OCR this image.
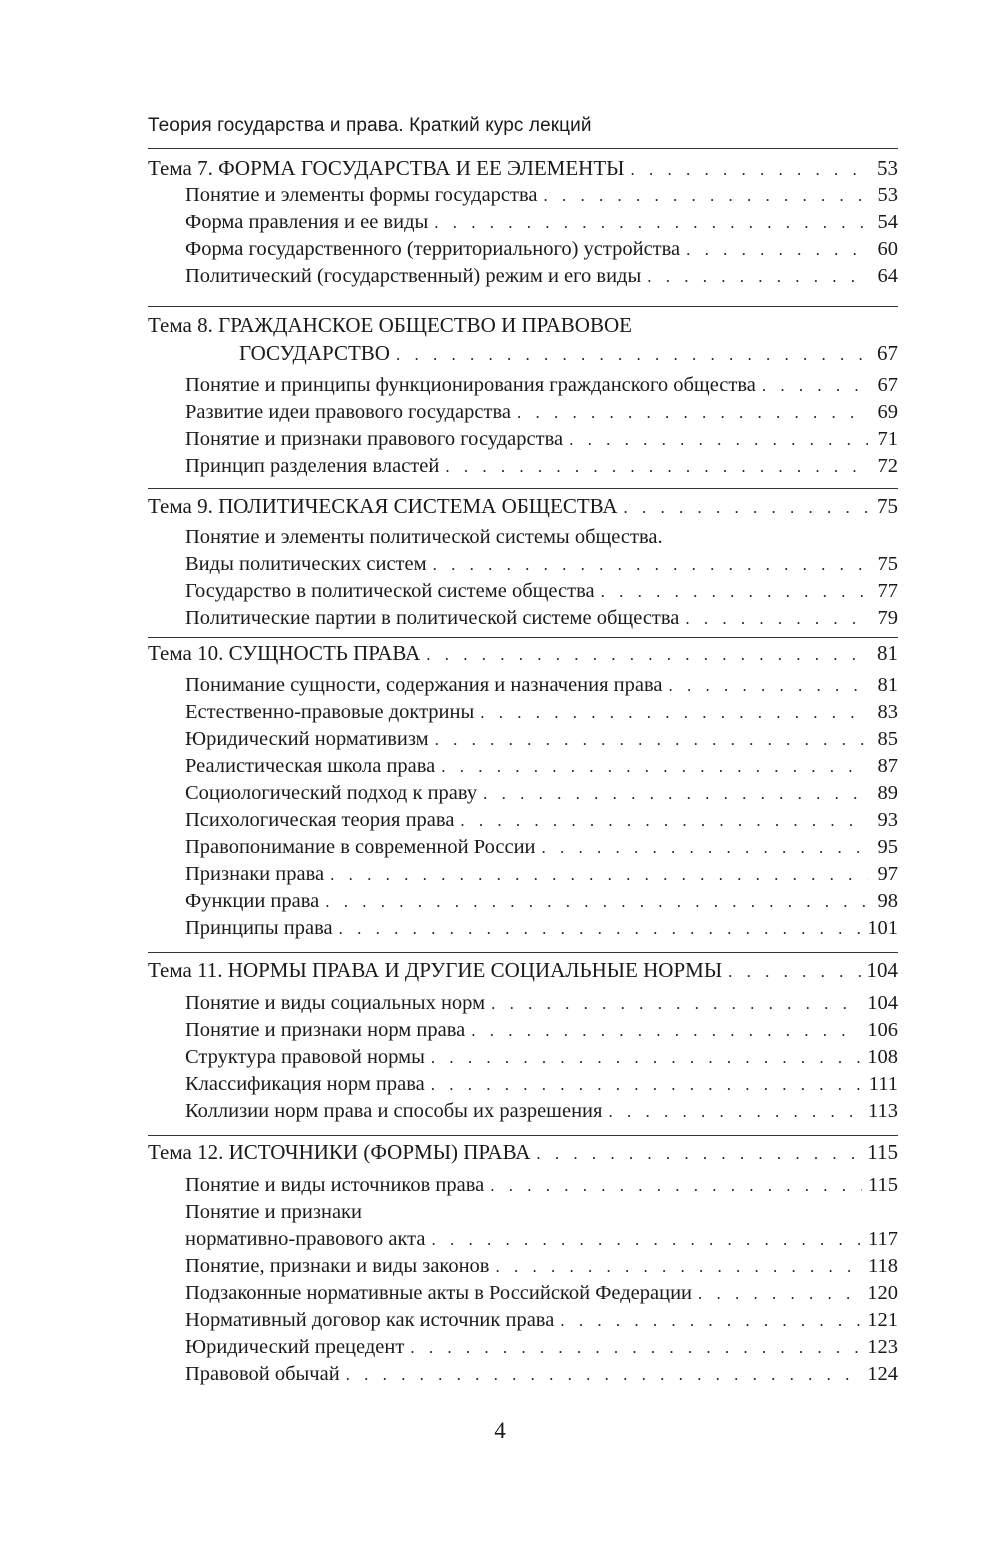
Теория государства и права. Краткий курс лекций
Тема 7. ФОРМА ГОСУДАРСТВА И ЕЕ ЭЛЕМЕНТЫ . . .	53
Понятие и элементы формы государства . . .	53
Форма правления и ее виды . . .	54
Форма государственного (территориального) устройства . . .	60
Политический (государственный) режим и его виды . . .	64
Тема 8. ГРАЖДАНСКОЕ ОБЩЕСТВО И ПРАВОВОЕ
ГОСУДАРСТВО . . .	67
Понятие и принципы функционирования гражданского общества . . .	67
Развитие идеи правового государства . . .	69
Понятие и признаки правового государства . . .	71
Принцип разделения властей . . .	72
Тема 9. ПОЛИТИЧЕСКАЯ СИСТЕМА ОБЩЕСТВА . . .	75
Понятие и элементы политической системы общества.
Виды политических систем . . .	75
Государство в политической системе общества . . .	77
Политические партии в политической системе общества . . .	79
Тема 10. СУЩНОСТЬ ПРАВА . . .	81
Понимание сущности, содержания и назначения права . . .	81
Естественно-правовые доктрины . . .	83
Юридический нормативизм . . .	85
Реалистическая школа права . . .	87
Социологический подход к праву . . .	89
Психологическая теория права . . .	93
Правопонимание в современной России . . .	95
Признаки права . . .	97
Функции права . . .	98
Принципы права . . .	101
Тема 11. НОРМЫ ПРАВА И ДРУГИЕ СОЦИАЛЬНЫЕ НОРМЫ . . .	104
Понятие и виды социальных норм . . .	104
Понятие и признаки норм права . . .	106
Структура правовой нормы . . .	108
Классификация норм права . . .	111
Коллизии норм права и способы их разрешения . . .	113
Тема 12. ИСТОЧНИКИ (ФОРМЫ) ПРАВА . . .	115
Понятие и виды источников права . . .	115
Понятие и признаки
нормативно-правового акта . . .	117
Понятие, признаки и виды законов . . .	118
Подзаконные нормативные акты в Российской Федерации . . .	120
Нормативный договор как источник права . . .	121
Юридический прецедент . . .	123
Правовой обычай . . .	124
4
